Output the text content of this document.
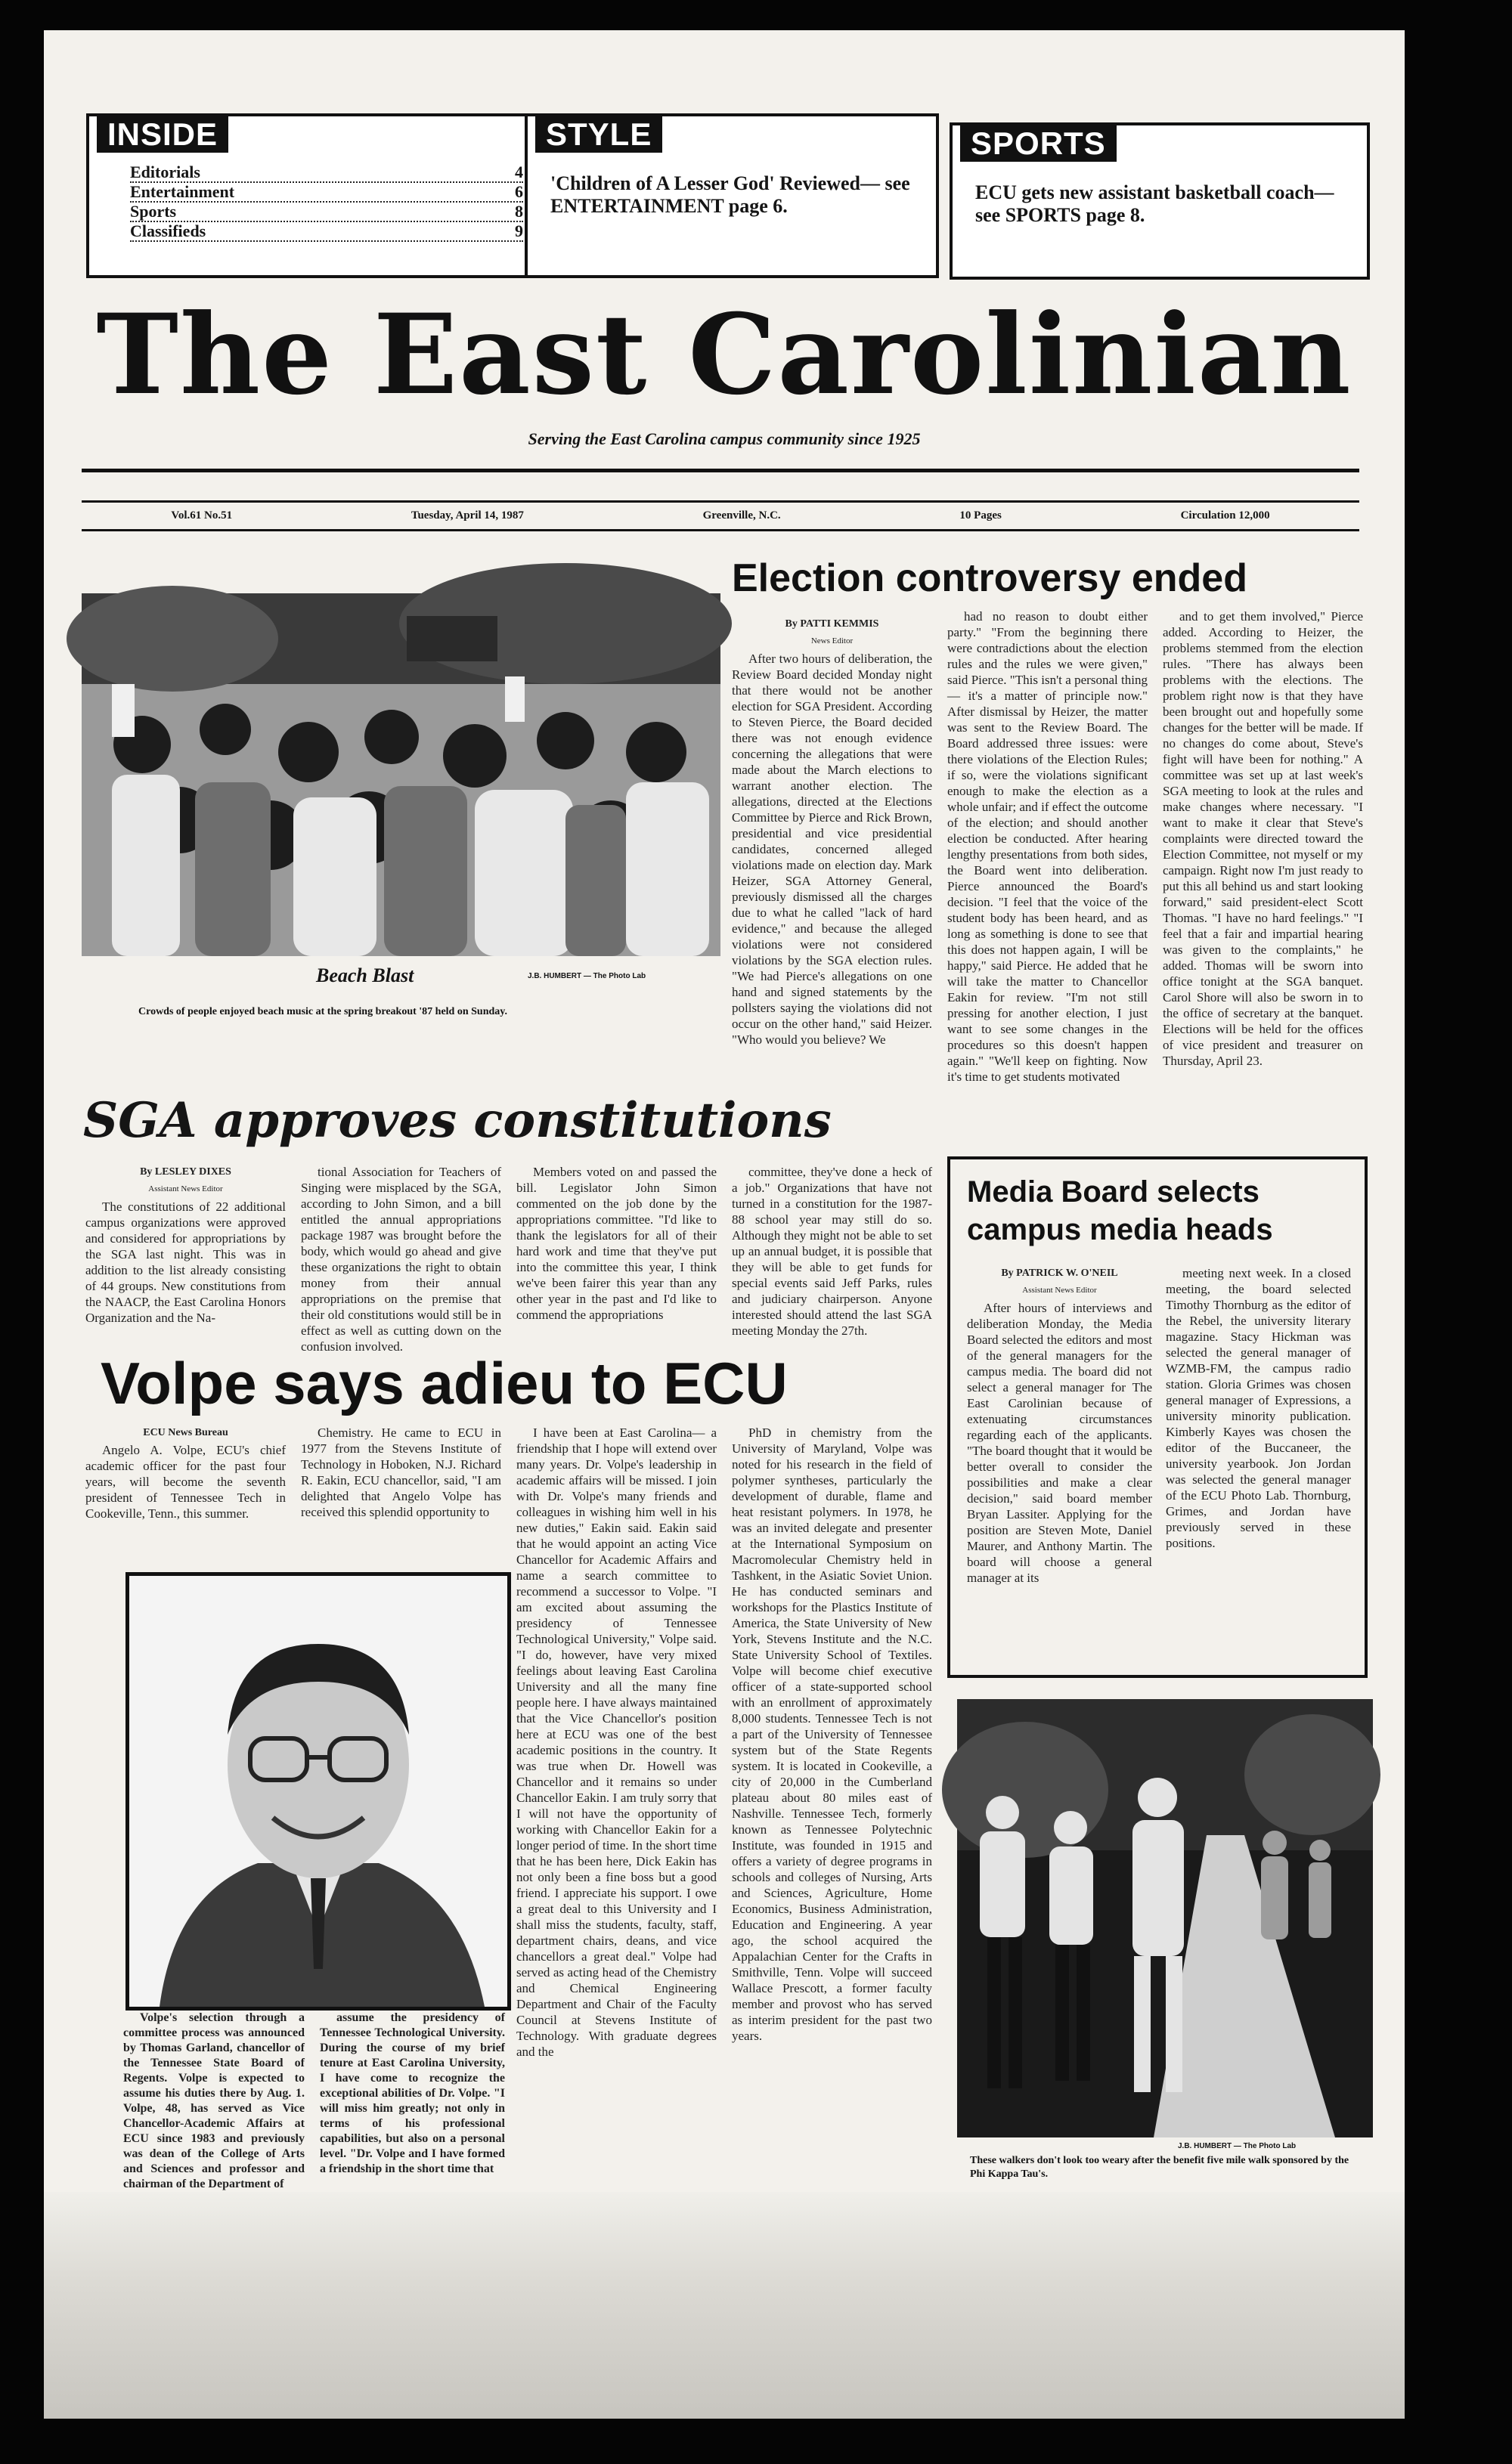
INSIDE
Editorials	4
Entertainment	6
Sports	8
Classifieds	9
STYLE
'Children of A Lesser God' Reviewed— see ENTERTAINMENT page 6.
SPORTS
ECU gets new assistant basketball coach— see SPORTS page 8.
The East Carolinian
Serving the East Carolina campus community since 1925
Vol.61 No.51	Tuesday, April 14, 1987	Greenville, N.C.	10 Pages	Circulation 12,000
Beach Blast	J.B. HUMBERT — The Photo Lab
Crowds of people enjoyed beach music at the spring breakout '87 held on Sunday.
Election controversy ended

By PATTI KEMMIS

News Editor

After two hours of deliberation, the Review Board decided Monday night that there would not be another election for SGA President. According to Steven Pierce, the Board decided there was not enough evidence concerning the allegations that were made about the March elections to warrant another election. The allegations, directed at the Elections Committee by Pierce and Rick Brown, presidential and vice presidential candidates, concerned alleged violations made on election day. Mark Heizer, SGA Attorney General, previously dismissed all the charges due to what he called "lack of hard evidence," and because the alleged violations were not considered violations by the SGA election rules. "We had Pierce's allegations on one hand and signed statements by the pollsters saying the violations did not occur on the other hand," said Heizer. "Who would you believe? We

had no reason to doubt either party." "From the beginning there were contradictions about the election rules and the rules we were given," said Pierce. "This isn't a personal thing — it's a matter of principle now." After dismissal by Heizer, the matter was sent to the Review Board. The Board addressed three issues: were there violations of the Election Rules; if so, were the violations significant enough to make the election as a whole unfair; and if effect the outcome of the election; and should another election be conducted. After hearing lengthy presentations from both sides, the Board went into deliberation. Pierce announced the Board's decision. "I feel that the voice of the student body has been heard, and as long as something is done to see that this does not happen again, I will be happy," said Pierce. He added that he will take the matter to Chancellor Eakin for review. "I'm not still pressing for another election, I just want to see some changes in the procedures so this doesn't happen again." "We'll keep on fighting. Now it's time to get students motivated

and to get them involved," Pierce added. According to Heizer, the problems stemmed from the election rules. "There has always been problems with the elections. The problem right now is that they have been brought out and hopefully some changes for the better will be made. If no changes do come about, Steve's fight will have been for nothing." A committee was set up at last week's SGA meeting to look at the rules and make changes where necessary. "I want to make it clear that Steve's complaints were directed toward the Election Committee, not myself or my campaign. Right now I'm just ready to put this all behind us and start looking forward," said president-elect Scott Thomas. "I have no hard feelings." "I feel that a fair and impartial hearing was given to the complaints," he added. Thomas will be sworn into office tonight at the SGA banquet. Carol Shore will also be sworn in to the office of secretary at the banquet. Elections will be held for the offices of vice president and treasurer on Thursday, April 23.

SGA approves constitutions

By LESLEY DIXES

Assistant News Editor

The constitutions of 22 additional campus organizations were approved and considered for appropriations by the SGA last night. This was in addition to the list already consisting of 44 groups. New constitutions from the NAACP, the East Carolina Honors Organization and the Na-

tional Association for Teachers of Singing were misplaced by the SGA, according to John Simon, and a bill entitled the annual appropriations package 1987 was brought before the body, which would go ahead and give these organizations the right to obtain money from their annual appropriations on the premise that their old constitutions would still be in effect as well as cutting down on the confusion involved.

Members voted on and passed the bill. Legislator John Simon commented on the job done by the appropriations committee. "I'd like to thank the legislators for all of their hard work and time that they've put into the committee this year, I think we've been fairer this year than any other year in the past and I'd like to commend the appropriations

committee, they've done a heck of a job." Organizations that have not turned in a constitution for the 1987-88 school year may still do so. Although they might not be able to set up an annual budget, it is possible that they will be able to get funds for special events said Jeff Parks, rules and judiciary chairperson. Anyone interested should attend the last SGA meeting Monday the 27th.

Media Board selects campus media heads

By PATRICK W. O'NEIL

Assistant News Editor

After hours of interviews and deliberation Monday, the Media Board selected the editors and most of the general managers for the campus media. The board did not select a general manager for The East Carolinian because of extenuating circumstances regarding each of the applicants. "The board thought that it would be better overall to consider the possibilities and make a clear decision," said board member Bryan Lassiter. Applying for the position are Steven Mote, Daniel Maurer, and Anthony Martin. The board will choose a general manager at its

meeting next week. In a closed meeting, the board selected Timothy Thornburg as the editor of the Rebel, the university literary magazine. Stacy Hickman was selected the general manager of WZMB-FM, the campus radio station. Gloria Grimes was chosen general manager of Expressions, a university minority publication. Kimberly Kayes was chosen the editor of the Buccaneer, the university yearbook. Jon Jordan was selected the general manager of the ECU Photo Lab. Thornburg, Grimes, and Jordan have previously served in these positions.

Volpe says adieu to ECU

ECU News Bureau

Angelo A. Volpe, ECU's chief academic officer for the past four years, will become the seventh president of Tennessee Tech in Cookeville, Tenn., this summer.

Chemistry. He came to ECU in 1977 from the Stevens Institute of Technology in Hoboken, N.J. Richard R. Eakin, ECU chancellor, said, "I am delighted that Angelo Volpe has received this splendid opportunity to

I have been at East Carolina— a friendship that I hope will extend over many years. Dr. Volpe's leadership in academic affairs will be missed. I join with Dr. Volpe's many friends and colleagues in wishing him well in his new duties," Eakin said. Eakin said that he would appoint an acting Vice Chancellor for Academic Affairs and name a search committee to recommend a successor to Volpe. "I am excited about assuming the presidency of Tennessee Technological University," Volpe said. "I do, however, have very mixed feelings about leaving East Carolina University and all the many fine people here. I have always maintained that the Vice Chancellor's position here at ECU was one of the best academic positions in the country. It was true when Dr. Howell was Chancellor and it remains so under Chancellor Eakin. I am truly sorry that I will not have the opportunity of working with Chancellor Eakin for a longer period of time. In the short time that he has been here, Dick Eakin has not only been a fine boss but a good friend. I appreciate his support. I owe a great deal to this University and I shall miss the students, faculty, staff, department chairs, deans, and vice chancellors a great deal." Volpe had served as acting head of the Chemistry and Chemical Engineering Department and Chair of the Faculty Council at Stevens Institute of Technology. With graduate degrees and the

PhD in chemistry from the University of Maryland, Volpe was noted for his research in the field of polymer syntheses, particularly the development of durable, flame and heat resistant polymers. In 1978, he was an invited delegate and presenter at the International Symposium on Macromolecular Chemistry held in Tashkent, in the Asiatic Soviet Union. He has conducted seminars and workshops for the Plastics Institute of America, the State University of New York, Stevens Institute and the N.C. State University School of Textiles. Volpe will become chief executive officer of a state-supported school with an enrollment of approximately 8,000 students. Tennessee Tech is not a part of the University of Tennessee system but of the State Regents system. It is located in Cookeville, a city of 20,000 in the Cumberland plateau about 80 miles east of Nashville. Tennessee Tech, formerly known as Tennessee Polytechnic Institute, was founded in 1915 and offers a variety of degree programs in schools and colleges of Nursing, Arts and Sciences, Agriculture, Home Economics, Business Administration, Education and Engineering. A year ago, the school acquired the Appalachian Center for the Crafts in Smithville, Tenn. Volpe will succeed Wallace Prescott, a former faculty member and provost who has served as interim president for the past two years.

Volpe's selection through a committee process was announced by Thomas Garland, chancellor of the Tennessee State Board of Regents. Volpe is expected to assume his duties there by Aug. 1. Volpe, 48, has served as Vice Chancellor-Academic Affairs at ECU since 1983 and previously was dean of the College of Arts and Sciences and professor and chairman of the Department of

assume the presidency of Tennessee Technological University. During the course of my brief tenure at East Carolina University, I have come to recognize the exceptional abilities of Dr. Volpe. "I will miss him greatly; not only in terms of his professional capabilities, but also on a personal level. "Dr. Volpe and I have formed a friendship in the short time that

J.B. HUMBERT — The Photo Lab
These walkers don't look too weary after the benefit five mile walk sponsored by the Phi Kappa Tau's.
